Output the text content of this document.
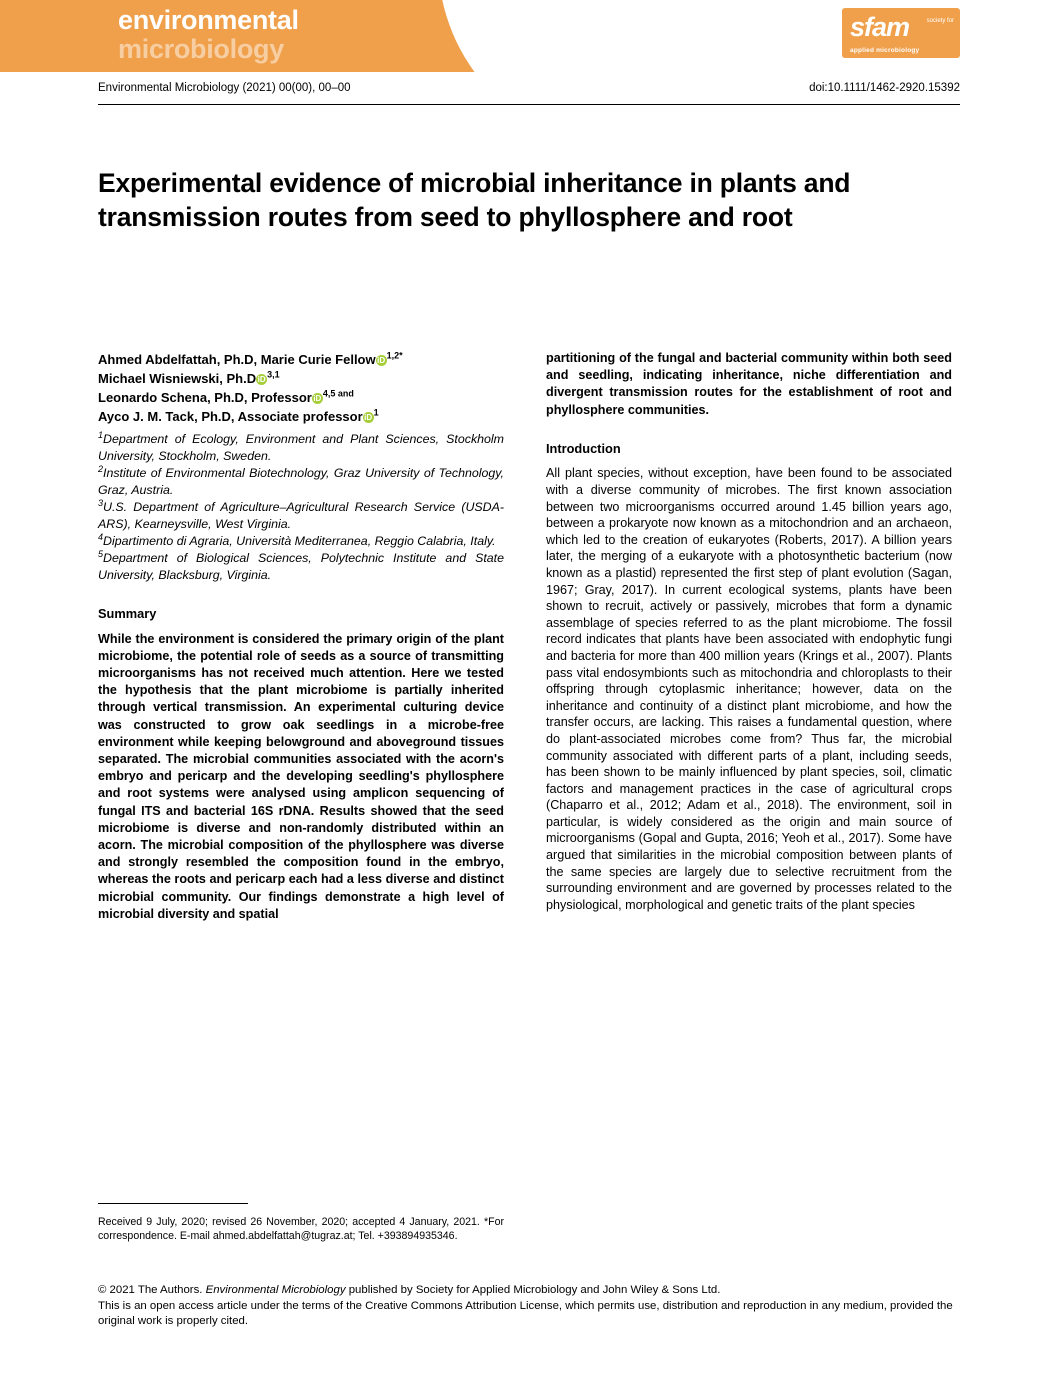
environmental
microbiology
sfam	society for
applied microbiology
Environmental Microbiology (2021) 00(00), 00–00	doi:10.1111/1462-2920.15392
Experimental evidence of microbial inheritance in plants and transmission routes from seed to phyllosphere and root
Ahmed Abdelfattah, Ph.D, Marie Curie Fellow iD $^{1,2*}$
Michael Wisniewski, Ph.D iD $^{3,1}$
Leonardo Schena, Ph.D, Professor iD $^{4,5 and}$
Ayco J. M. Tack, Ph.D, Associate professor iD $^1$

$^1$Department of Ecology, Environment and Plant Sciences, Stockholm University, Stockholm, Sweden.

$^2$Institute of Environmental Biotechnology, Graz University of Technology, Graz, Austria.

$^3$U.S. Department of Agriculture–Agricultural Research Service (USDA-ARS), Kearneysville, West Virginia.

$^4$Dipartimento di Agraria, Università Mediterranea, Reggio Calabria, Italy.

$^5$Department of Biological Sciences, Polytechnic Institute and State University, Blacksburg, Virginia.

Summary

While the environment is considered the primary origin of the plant microbiome, the potential role of seeds as a source of transmitting microorganisms has not received much attention. Here we tested the hypothesis that the plant microbiome is partially inherited through vertical transmission. An experimental culturing device was constructed to grow oak seedlings in a microbe-free environment while keeping belowground and aboveground tissues separated. The microbial communities associated with the acorn's embryo and pericarp and the developing seedling's phyllosphere and root systems were analysed using amplicon sequencing of fungal ITS and bacterial 16S rDNA. Results showed that the seed microbiome is diverse and non-randomly distributed within an acorn. The microbial composition of the phyllosphere was diverse and strongly resembled the composition found in the embryo, whereas the roots and pericarp each had a less diverse and distinct microbial community. Our findings demonstrate a high level of microbial diversity and spatial

partitioning of the fungal and bacterial community within both seed and seedling, indicating inheritance, niche differentiation and divergent transmission routes for the establishment of root and phyllosphere communities.

Introduction

All plant species, without exception, have been found to be associated with a diverse community of microbes. The first known association between two microorganisms occurred around 1.45 billion years ago, between a prokaryote now known as a mitochondrion and an archaeon, which led to the creation of eukaryotes (Roberts, 2017). A billion years later, the merging of a eukaryote with a photosynthetic bacterium (now known as a plastid) represented the first step of plant evolution (Sagan, 1967; Gray, 2017). In current ecological systems, plants have been shown to recruit, actively or passively, microbes that form a dynamic assemblage of species referred to as the plant microbiome. The fossil record indicates that plants have been associated with endophytic fungi and bacteria for more than 400 million years (Krings et al., 2007). Plants pass vital endosymbionts such as mitochondria and chloroplasts to their offspring through cytoplasmic inheritance; however, data on the inheritance and continuity of a distinct plant microbiome, and how the transfer occurs, are lacking. This raises a fundamental question, where do plant-associated microbes come from? Thus far, the microbial community associated with different parts of a plant, including seeds, has been shown to be mainly influenced by plant species, soil, climatic factors and management practices in the case of agricultural crops (Chaparro et al., 2012; Adam et al., 2018). The environment, soil in particular, is widely considered as the origin and main source of microorganisms (Gopal and Gupta, 2016; Yeoh et al., 2017). Some have argued that similarities in the microbial composition between plants of the same species are largely due to selective recruitment from the surrounding environment and are governed by processes related to the physiological, morphological and genetic traits of the plant species

Received 9 July, 2020; revised 26 November, 2020; accepted 4 January, 2021. *For correspondence. E-mail ahmed.abdelfattah@tugraz.at; Tel. +393894935346.
© 2021 The Authors. Environmental Microbiology published by Society for Applied Microbiology and John Wiley & Sons Ltd.
This is an open access article under the terms of the Creative Commons Attribution License, which permits use, distribution and reproduction in any medium, provided the original work is properly cited.
